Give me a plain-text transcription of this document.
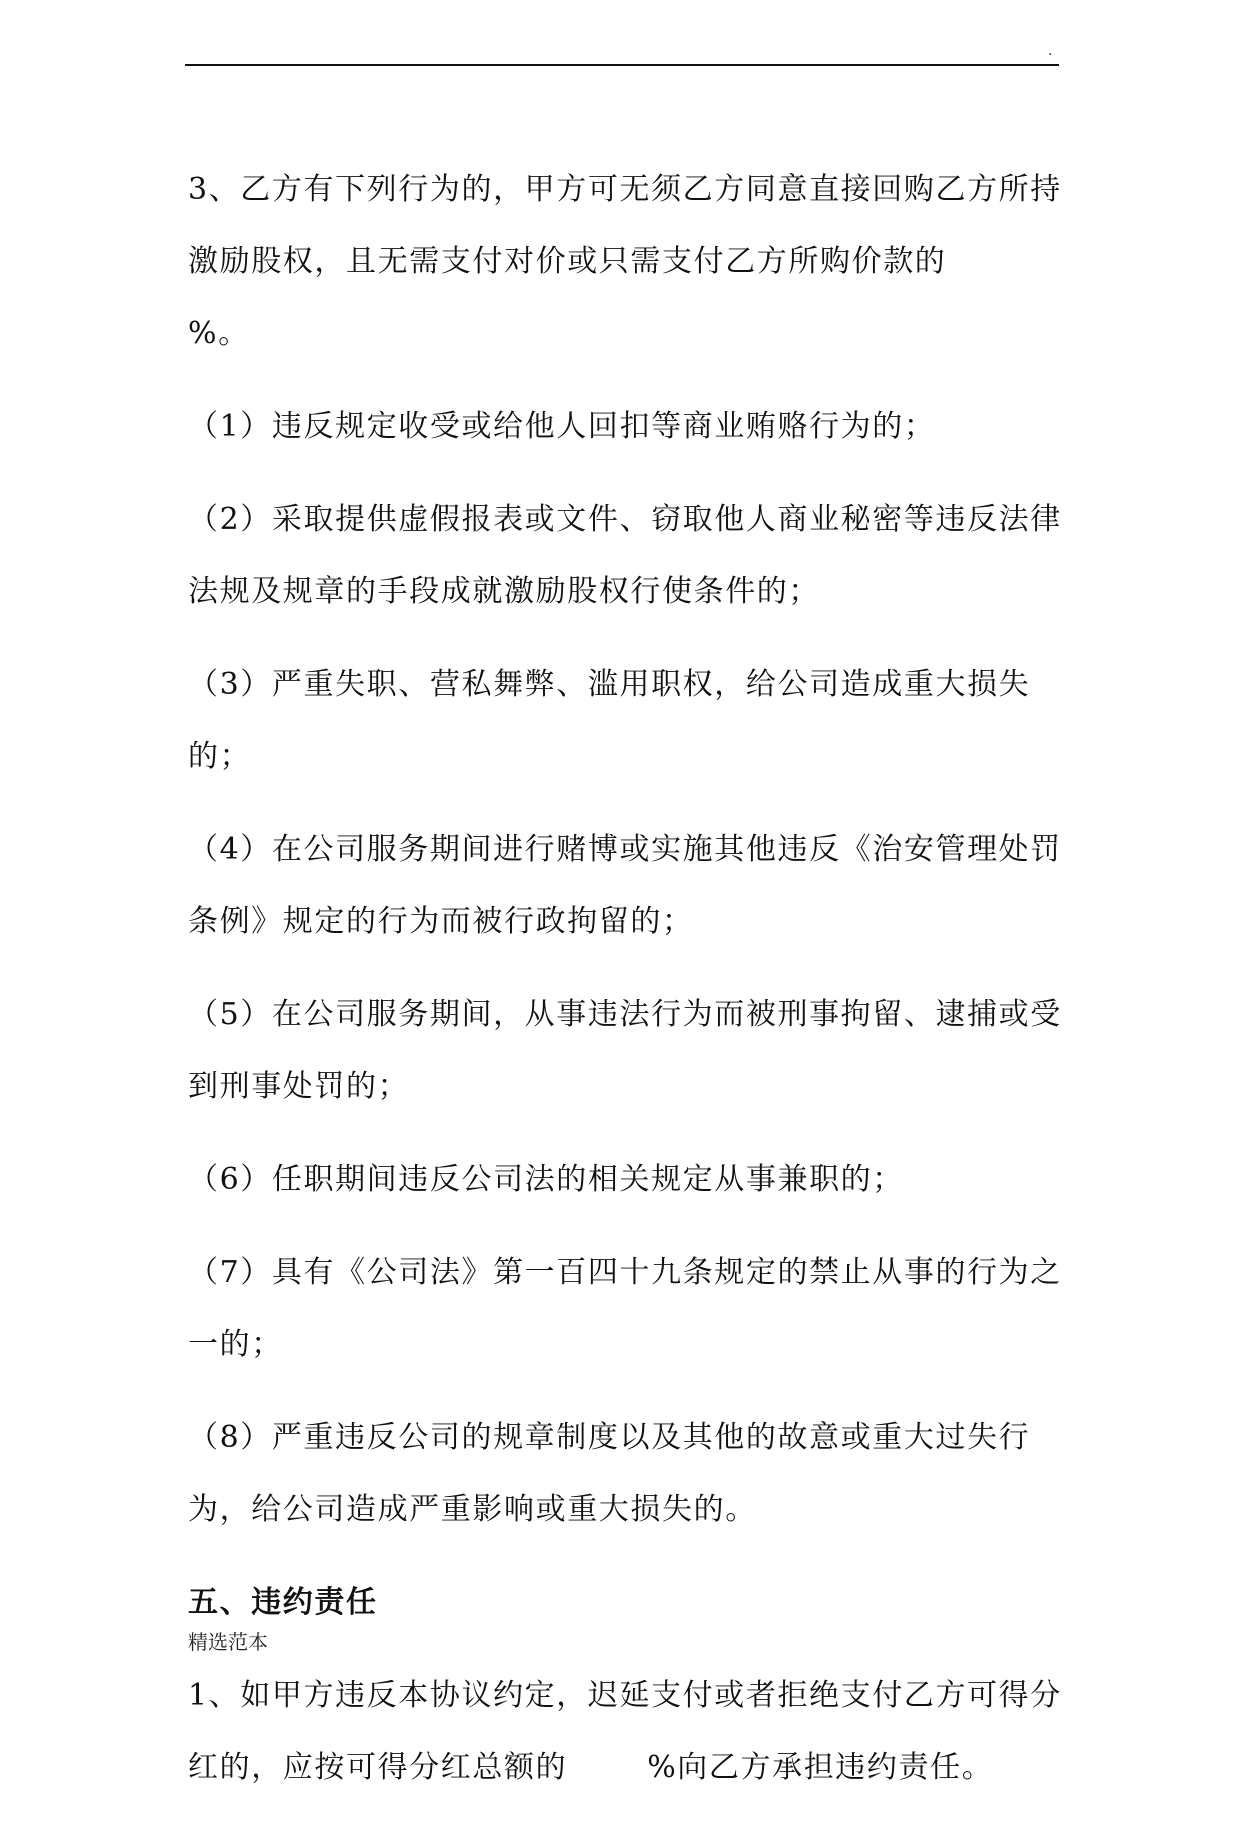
.

3、乙方有下列行为的，甲方可无须乙方同意直接回购乙方所持激励股权，且无需支付对价或只需支付乙方所购价款的%。

（1）违反规定收受或给他人回扣等商业贿赂行为的；

（2）采取提供虚假报表或文件、窃取他人商业秘密等违反法律法规及规章的手段成就激励股权行使条件的；

（3）严重失职、营私舞弊、滥用职权，给公司造成重大损失的；

（4）在公司服务期间进行赌博或实施其他违反《治安管理处罚条例》规定的行为而被行政拘留的；

（5）在公司服务期间，从事违法行为而被刑事拘留、逮捕或受到刑事处罚的；

（6）任职期间违反公司法的相关规定从事兼职的；

（7）具有《公司法》第一百四十九条规定的禁止从事的行为之一的；

（8）严重违反公司的规章制度以及其他的故意或重大过失行为，给公司造成严重影响或重大损失的。

五、违约责任

1、如甲方违反本协议约定，迟延支付或者拒绝支付乙方可得分红的，应按可得分红总额的	%向乙方承担违约责任。

精选范本
